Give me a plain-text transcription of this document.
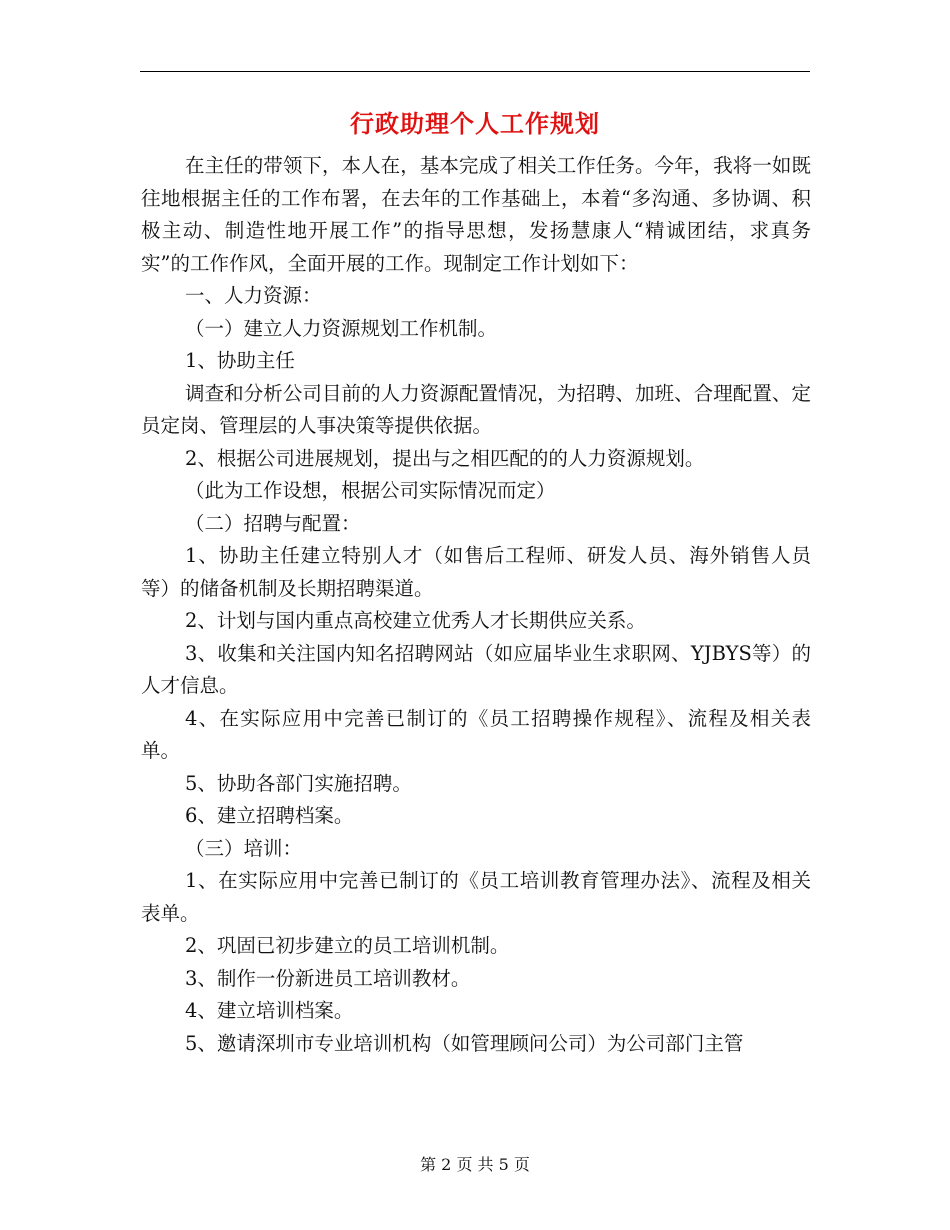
行政助理个人工作规划

在主任的带领下，本人在，基本完成了相关工作任务。今年，我将一如既往地根据主任的工作布署，在去年的工作基础上，本着“多沟通、多协调、积极主动、制造性地开展工作”的指导思想，发扬慧康人“精诚团结，求真务实”的工作作风，全面开展的工作。现制定工作计划如下：

一、人力资源：

（一）建立人力资源规划工作机制。

1、协助主任

调查和分析公司目前的人力资源配置情况，为招聘、加班、合理配置、定员定岗、管理层的人事决策等提供依据。

2、根据公司进展规划，提出与之相匹配的的人力资源规划。

（此为工作设想，根据公司实际情况而定）

（二）招聘与配置：

1、协助主任建立特别人才（如售后工程师、研发人员、海外销售人员等）的储备机制及长期招聘渠道。

2、计划与国内重点高校建立优秀人才长期供应关系。

3、收集和关注国内知名招聘网站（如应届毕业生求职网、YJBYS等）的人才信息。

4、在实际应用中完善已制订的《员工招聘操作规程》、流程及相关表单。

5、协助各部门实施招聘。

6、建立招聘档案。

（三）培训：

1、在实际应用中完善已制订的《员工培训教育管理办法》、流程及相关表单。

2、巩固已初步建立的员工培训机制。

3、制作一份新进员工培训教材。

4、建立培训档案。

5、邀请深圳市专业培训机构（如管理顾问公司）为公司部门主管

第 2 页 共 5 页
